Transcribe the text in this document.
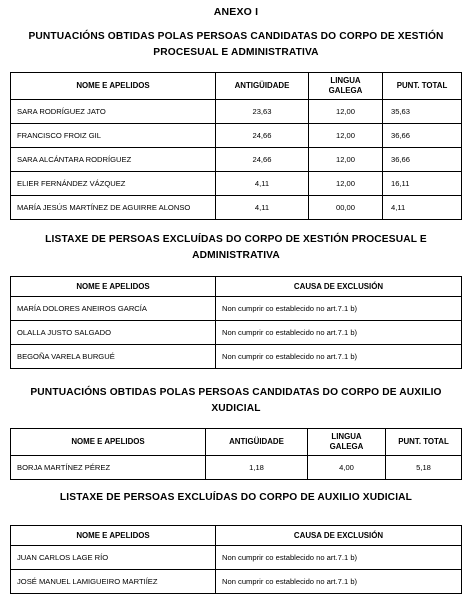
ANEXO I
PUNTUACIÓNS OBTIDAS POLAS PERSOAS CANDIDATAS DO CORPO DE XESTIÓN PROCESUAL E ADMINISTRATIVA
NOME E APELIDOS	ANTIGÜIDADE	LINGUA GALEGA	PUNT. TOTAL
SARA RODRÍGUEZ JATO	23,63	12,00	35,63
FRANCISCO FROIZ GIL	24,66	12,00	36,66
SARA ALCÁNTARA RODRÍGUEZ	24,66	12,00	36,66
ELIER FERNÁNDEZ VÁZQUEZ	4,11	12,00	16,11
MARÍA JESÚS MARTÍNEZ DE AGUIRRE ALONSO	4,11	00,00	4,11
LISTAXE DE PERSOAS EXCLUÍDAS DO CORPO DE XESTIÓN PROCESUAL E ADMINISTRATIVA
NOME E APELIDOS	CAUSA DE EXCLUSIÓN
MARÍA DOLORES ANEIROS GARCÍA	Non cumprir co establecido no art.7.1 b)
OLALLA JUSTO SALGADO	Non cumprir co establecido no art.7.1 b)
BEGOÑA VARELA BURGUÉ	Non cumprir co establecido no art.7.1 b)
PUNTUACIÓNS OBTIDAS POLAS PERSOAS CANDIDATAS DO CORPO DE AUXILIO XUDICIAL
NOME E APELIDOS	ANTIGÜIDADE	LINGUA GALEGA	PUNT. TOTAL
BORJA MARTÍNEZ PÉREZ	1,18	4,00	5,18
LISTAXE DE PERSOAS EXCLUÍDAS DO CORPO DE AUXILIO XUDICIAL
NOME E APELIDOS	CAUSA DE EXCLUSIÓN
JUAN CARLOS LAGE RÍO	Non cumprir co establecido no art.7.1 b)
JOSÉ MANUEL LAMIGUEIRO MARTIÍEZ	Non cumprir co establecido no art.7.1 b)
